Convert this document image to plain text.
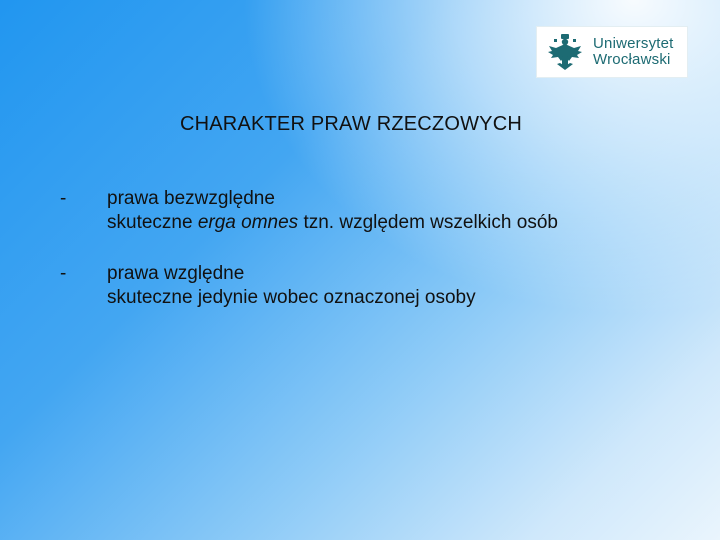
Uniwersytet
Wrocławski
CHARAKTER PRAW RZECZOWYCH
-	prawa bezwzględne
skuteczne erga omnes tzn. względem wszelkich osób
-	prawa względne
skuteczne jedynie wobec oznaczonej osoby
